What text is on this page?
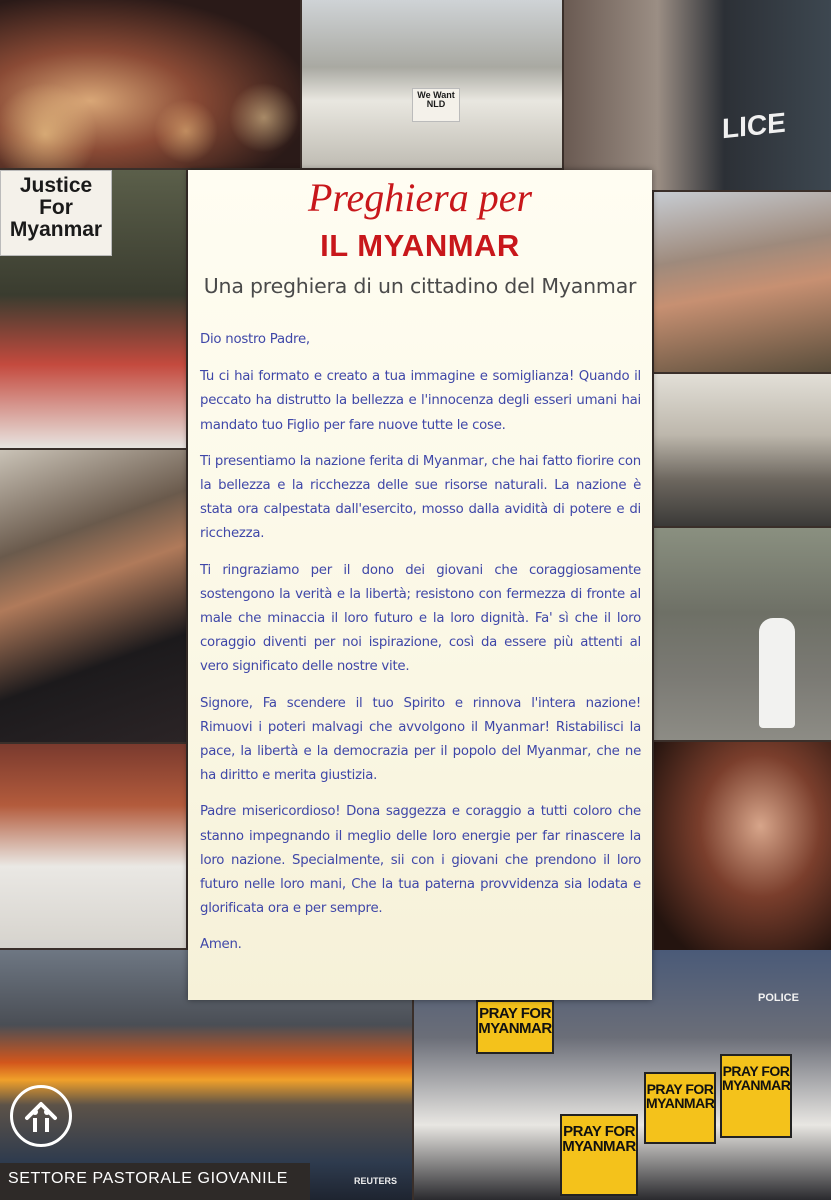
We Want NLD
LICE
Justice
For
Myanmar
POLICE
PRAY FOR MYANMAR
PRAY FOR MYANMAR
PRAY FOR MYANMAR
PRAY FOR MYANMAR
REUTERS
Preghiera per
IL MYANMAR
Una preghiera di un cittadino del Myanmar

Dio nostro Padre,

Tu ci hai formato e creato a tua immagine e somiglianza! Quando il peccato ha distrutto la bellezza e l'innocenza degli esseri umani hai mandato tuo Figlio per fare nuove tutte le cose.

Ti presentiamo la nazione ferita di Myanmar, che hai fatto fiorire con la bellezza e la ricchezza delle sue risorse naturali. La nazione è stata ora calpestata dall'esercito, mosso dalla avidità di potere e di ricchezza.

Ti ringraziamo per il dono dei giovani che coraggiosamente sostengono la verità e la libertà; resistono con fermezza di fronte al male che minaccia il loro futuro e la loro dignità. Fa' sì che il loro coraggio diventi per noi ispirazione, così da essere più attenti al vero significato delle nostre vite.

Signore, Fa scendere il tuo Spirito e rinnova l'intera nazione! Rimuovi i poteri malvagi che avvolgono il Myanmar! Ristabilisci la pace, la libertà e la democrazia per il popolo del Myanmar, che ne ha diritto e merita giustizia.

Padre misericordioso! Dona saggezza e coraggio a tutti coloro che stanno impegnando il meglio delle loro energie per far rinascere la loro nazione. Specialmente, sii con i giovani che prendono il loro futuro nelle loro mani, Che la tua paterna provvidenza sia lodata e glorificata ora e per sempre.

Amen.

SETTORE PASTORALE GIOVANILE
